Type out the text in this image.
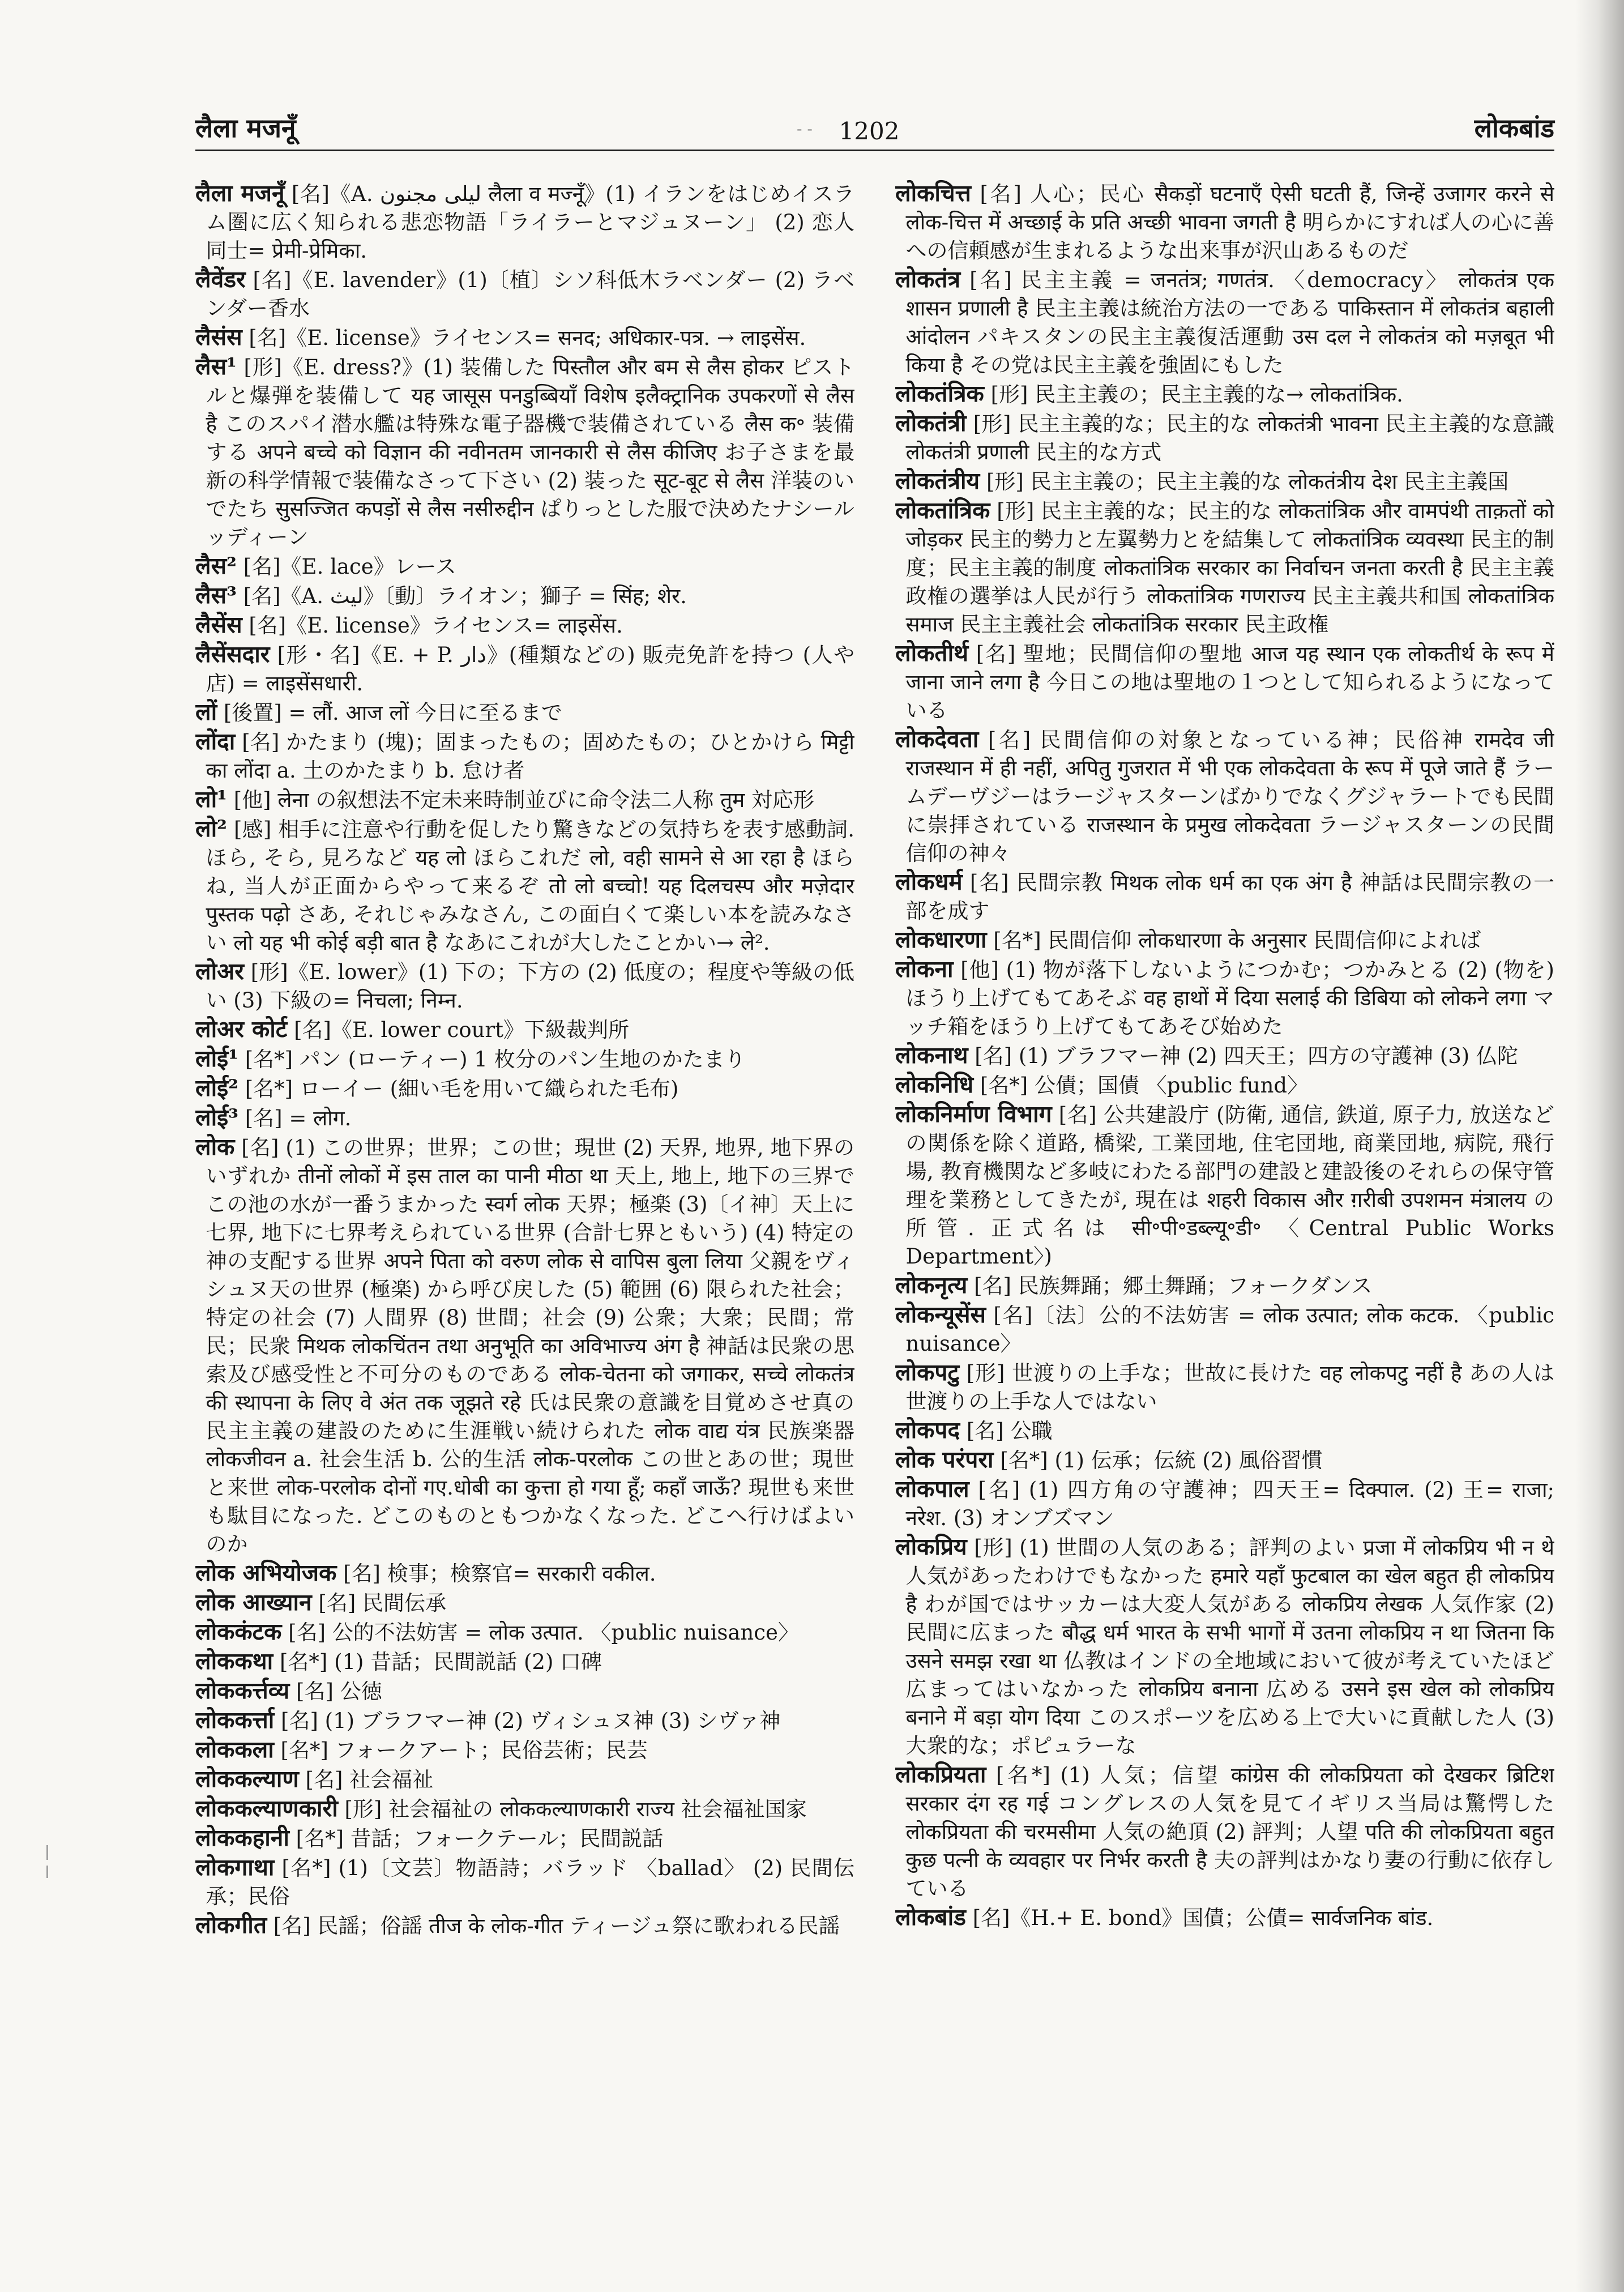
लैला मजनूँ	- - 1202	लोकबांड

लैला मजनूँ [名]《A. ليلى مجنون लैला व मज्नूँ》(1) イランをはじめイスラム圏に広く知られる悲恋物語「ライラーとマジュヌーン」 (2) 恋人同士= प्रेमी-प्रेमिका.

लैवेंडर [名]《E. lavender》(1)〔植〕シソ科低木ラベンダー (2) ラベンダー香水

लैसंस [名]《E. license》ライセンス= सनद; अधिकार-पत्र. → लाइसेंस.

लैस¹ [形]《E. dress?》(1) 装備した पिस्तौल और बम से लैस होकर ピストルと爆弾を装備して यह जासूस पनडुब्बियाँ विशेष इलैक्ट्रानिक उपकरणों से लैस है このスパイ潜水艦は特殊な電子器機で装備されている लैस क॰ 装備する अपने बच्चे को विज्ञान की नवीनतम जानकारी से लैस कीजिए お子さまを最新の科学情報で装備なさって下さい (2) 装った सूट-बूट से लैस 洋装のいでたち सुसज्जित कपड़ों से लैस नसीरुद्दीन ぱりっとした服で決めたナシールッディーン

लैस² [名]《E. lace》レース

लैस³ [名]《A. ليث》〔動〕ライオン；獅子 = सिंह; शेर.

लैसेंस [名]《E. license》ライセンス= लाइसेंस.

लैसेंसदार [形・名]《E. + P. دار》(種類などの) 販売免許を持つ (人や店) = लाइसेंसधारी.

लों [後置] = लौं. आज लों 今日に至るまで

लोंदा [名] かたまり (塊)；固まったもの；固めたもの；ひとかけら मिट्टी का लोंदा a. 土のかたまり b. 怠け者

लो¹ [他] लेना の叙想法不定未来時制並びに命令法二人称 तुम 対応形

लो² [感] 相手に注意や行動を促したり驚きなどの気持ちを表す感動詞. ほら, そら, 見ろなど यह लो ほらこれだ लो, वही सामने से आ रहा है ほらね, 当人が正面からやって来るぞ तो लो बच्चो! यह दिलचस्प और मज़ेदार पुस्तक पढ़ो さあ, それじゃみなさん, この面白くて楽しい本を読みなさい लो यह भी कोई बड़ी बात है なあにこれが大したことかい→ ले².

लोअर [形]《E. lower》(1) 下の；下方の (2) 低度の；程度や等級の低い (3) 下級の= निचला; निम्न.

लोअर कोर्ट [名]《E. lower court》下級裁判所

लोई¹ [名*] パン (ローティー) 1 枚分のパン生地のかたまり

लोई² [名*] ローイー (細い毛を用いて織られた毛布)

लोई³ [名] = लोग.

लोक [名] (1) この世界；世界；この世；現世 (2) 天界, 地界, 地下界のいずれか तीनों लोकों में इस ताल का पानी मीठा था 天上, 地上, 地下の三界でこの池の水が一番うまかった स्वर्ग लोक 天界；極楽 (3)〔イ神〕天上に七界, 地下に七界考えられている世界 (合計七界ともいう) (4) 特定の神の支配する世界 अपने पिता को वरुण लोक से वापिस बुला लिया 父親をヴィシュヌ天の世界 (極楽) から呼び戻した (5) 範囲 (6) 限られた社会；特定の社会 (7) 人間界 (8) 世間；社会 (9) 公衆；大衆；民間；常民；民衆 मिथक लोकचिंतन तथा अनुभूति का अविभाज्य अंग है 神話は民衆の思索及び感受性と不可分のものである लोक-चेतना को जगाकर, सच्चे लोकतंत्र की स्थापना के लिए वे अंत तक जूझते रहे 氏は民衆の意識を目覚めさせ真の民主主義の建設のために生涯戦い続けられた लोक वाद्य यंत्र 民族楽器 लोकजीवन a. 社会生活 b. 公的生活 लोक-परलोक この世とあの世；現世と来世 लोक-परलोक दोनों गए.धोबी का कुत्ता हो गया हूँ; कहाँ जाऊँ? 現世も来世も駄目になった. どこのものともつかなくなった. どこへ行けばよいのか

लोक अभियोजक [名] 検事；検察官= सरकारी वकील.

लोक आख्यान [名] 民間伝承

लोककंटक [名] 公的不法妨害 = लोक उत्पात. 〈public nuisance〉

लोककथा [名*] (1) 昔話；民間説話 (2) 口碑

लोककर्त्तव्य [名] 公徳

लोककर्त्ता [名] (1) ブラフマー神 (2) ヴィシュヌ神 (3) シヴァ神

लोककला [名*] フォークアート；民俗芸術；民芸

लोककल्याण [名] 社会福祉

लोककल्याणकारी [形] 社会福祉の लोककल्याणकारी राज्य 社会福祉国家

लोककहानी [名*] 昔話；フォークテール；民間説話

लोकगाथा [名*] (1)〔文芸〕物語詩；バラッド 〈ballad〉 (2) 民間伝承；民俗

लोकगीत [名] 民謡；俗謡 तीज के लोक-गीत ティージュ祭に歌われる民謡

लोकचित्त [名] 人心；民心 सैकड़ों घटनाएँ ऐसी घटती हैं, जिन्हें उजागर करने से लोक-चित्त में अच्छाई के प्रति अच्छी भावना जगती है 明らかにすれば人の心に善への信頼感が生まれるような出来事が沢山あるものだ

लोकतंत्र [名] 民主主義 = जनतंत्र; गणतंत्र. 〈democracy〉 लोकतंत्र एक शासन प्रणाली है 民主主義は統治方法の一である पाकिस्तान में लोकतंत्र बहाली आंदोलन パキスタンの民主主義復活運動 उस दल ने लोकतंत्र को मज़बूत भी किया है その党は民主主義を強固にもした

लोकतंत्रिक [形] 民主主義の；民主主義的な→ लोकतांत्रिक.

लोकतंत्री [形] 民主主義的な；民主的な लोकतंत्री भावना 民主主義的な意識 लोकतंत्री प्रणाली 民主的な方式

लोकतंत्रीय [形] 民主主義の；民主主義的な लोकतंत्रीय देश 民主主義国

लोकतांत्रिक [形] 民主主義的な；民主的な लोकतांत्रिक और वामपंथी ताक़तों को जोड़कर 民主的勢力と左翼勢力とを結集して लोकतांत्रिक व्यवस्था 民主的制度；民主主義的制度 लोकतांत्रिक सरकार का निर्वाचन जनता करती है 民主主義政権の選挙は人民が行う लोकतांत्रिक गणराज्य 民主主義共和国 लोकतांत्रिक समाज 民主主義社会 लोकतांत्रिक सरकार 民主政権

लोकतीर्थ [名] 聖地；民間信仰の聖地 आज यह स्थान एक लोकतीर्थ के रूप में जाना जाने लगा है 今日この地は聖地の１つとして知られるようになっている

लोकदेवता [名] 民間信仰の対象となっている神；民俗神 रामदेव जी राजस्थान में ही नहीं, अपितु गुजरात में भी एक लोकदेवता के रूप में पूजे जाते हैं ラームデーヴジーはラージャスターンばかりでなくグジャラートでも民間に崇拝されている राजस्थान के प्रमुख लोकदेवता ラージャスターンの民間信仰の神々

लोकधर्म [名] 民間宗教 मिथक लोक धर्म का एक अंग है 神話は民間宗教の一部を成す

लोकधारणा [名*] 民間信仰 लोकधारणा के अनुसार 民間信仰によれば

लोकना [他] (1) 物が落下しないようにつかむ；つかみとる (2) (物を) ほうり上げてもてあそぶ वह हाथों में दिया सलाई की डिबिया को लोकने लगा マッチ箱をほうり上げてもてあそび始めた

लोकनाथ [名] (1) ブラフマー神 (2) 四天王；四方の守護神 (3) 仏陀

लोकनिधि [名*] 公債；国債 〈public fund〉

लोकनिर्माण विभाग [名] 公共建設庁 (防衛, 通信, 鉄道, 原子力, 放送などの関係を除く道路, 橋梁, 工業団地, 住宅団地, 商業団地, 病院, 飛行場, 教育機関など多岐にわたる部門の建設と建設後のそれらの保守管理を業務としてきたが, 現在は शहरी विकास और ग़रीबी उपशमन मंत्रालय の所管. 正式名は सी॰पी॰डब्ल्यू॰डी॰ 〈Central Public Works Department〉)

लोकनृत्य [名] 民族舞踊；郷土舞踊；フォークダンス

लोकन्यूसेंस [名]〔法〕公的不法妨害 = लोक उत्पात; लोक कटक. 〈public nuisance〉

लोकपटु [形] 世渡りの上手な；世故に長けた वह लोकपटु नहीं है あの人は世渡りの上手な人ではない

लोकपद [名] 公職

लोक परंपरा [名*] (1) 伝承；伝統 (2) 風俗習慣

लोकपाल [名] (1) 四方角の守護神；四天王= दिक्पाल. (2) 王= राजा; नरेश. (3) オンブズマン

लोकप्रिय [形] (1) 世間の人気のある；評判のよい प्रजा में लोकप्रिय भी न थे 人気があったわけでもなかった हमारे यहाँ फुटबाल का खेल बहुत ही लोकप्रिय है わが国ではサッカーは大変人気がある लोकप्रिय लेखक 人気作家 (2) 民間に広まった बौद्ध धर्म भारत के सभी भागों में उतना लोकप्रिय न था जितना कि उसने समझ रखा था 仏教はインドの全地域において彼が考えていたほど広まってはいなかった लोकप्रिय बनाना 広める उसने इस खेल को लोकप्रिय बनाने में बड़ा योग दिया このスポーツを広める上で大いに貢献した人 (3) 大衆的な；ポピュラーな

लोकप्रियता [名*] (1) 人気；信望 कांग्रेस की लोकप्रियता को देखकर ब्रिटिश सरकार दंग रह गई コングレスの人気を見てイギリス当局は驚愕した लोकप्रियता की चरमसीमा 人気の絶頂 (2) 評判；人望 पति की लोकप्रियता बहुत कुछ पत्नी के व्यवहार पर निर्भर करती है 夫の評判はかなり妻の行動に依存している

लोकबांड [名]《H.+ E. bond》国債；公債= सार्वजनिक बांड.
